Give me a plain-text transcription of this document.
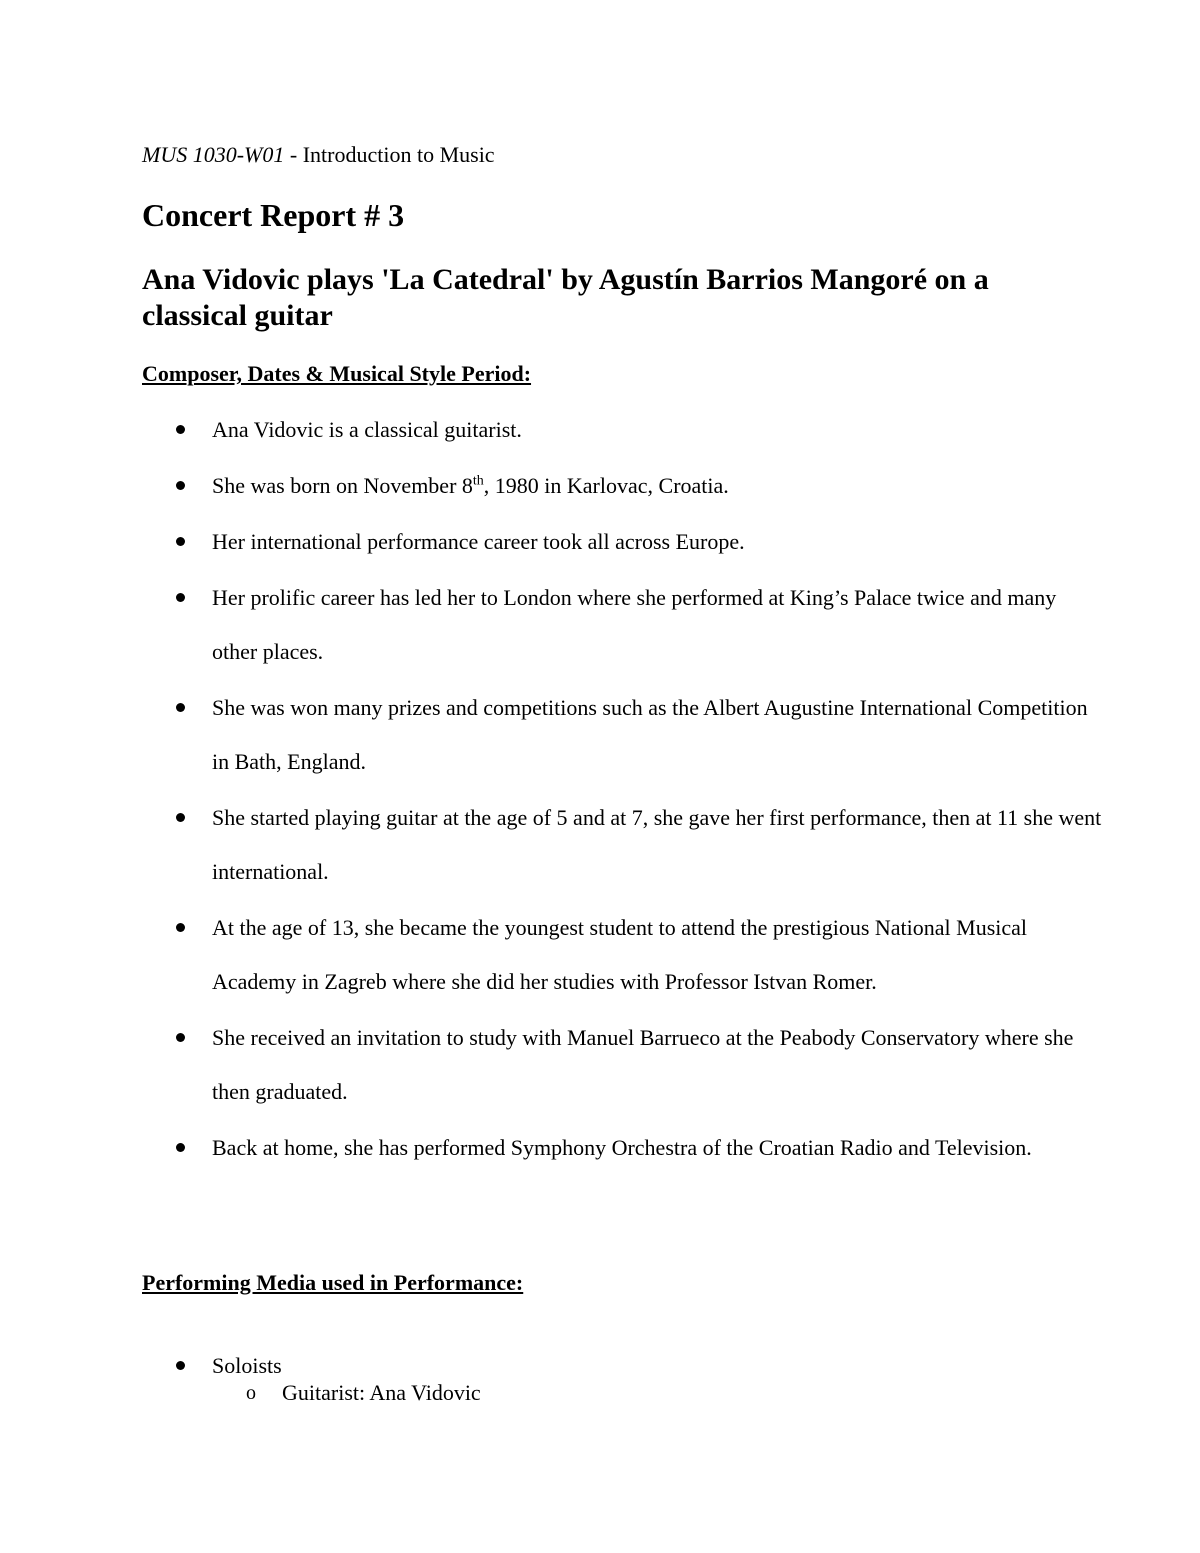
MUS 1030-W01 - Introduction to Music
Concert Report # 3
Ana Vidovic plays 'La Catedral' by Agustín Barrios Mangoré on a classical guitar
Composer, Dates & Musical Style Period:
Ana Vidovic is a classical guitarist.
She was born on November 8th, 1980 in Karlovac, Croatia.
Her international performance career took all across Europe.
Her prolific career has led her to London where she performed at King’s Palace twice and many other places.
She was won many prizes and competitions such as the Albert Augustine International Competition in Bath, England.
She started playing guitar at the age of 5 and at 7, she gave her first performance, then at 11 she went international.
At the age of 13, she became the youngest student to attend the prestigious National Musical Academy in Zagreb where she did her studies with Professor Istvan Romer.
She received an invitation to study with Manuel Barrueco at the Peabody Conservatory where she then graduated.
Back at home, she has performed Symphony Orchestra of the Croatian Radio and Television.
Performing Media used in Performance:
Soloists
o Guitarist: Ana Vidovic
